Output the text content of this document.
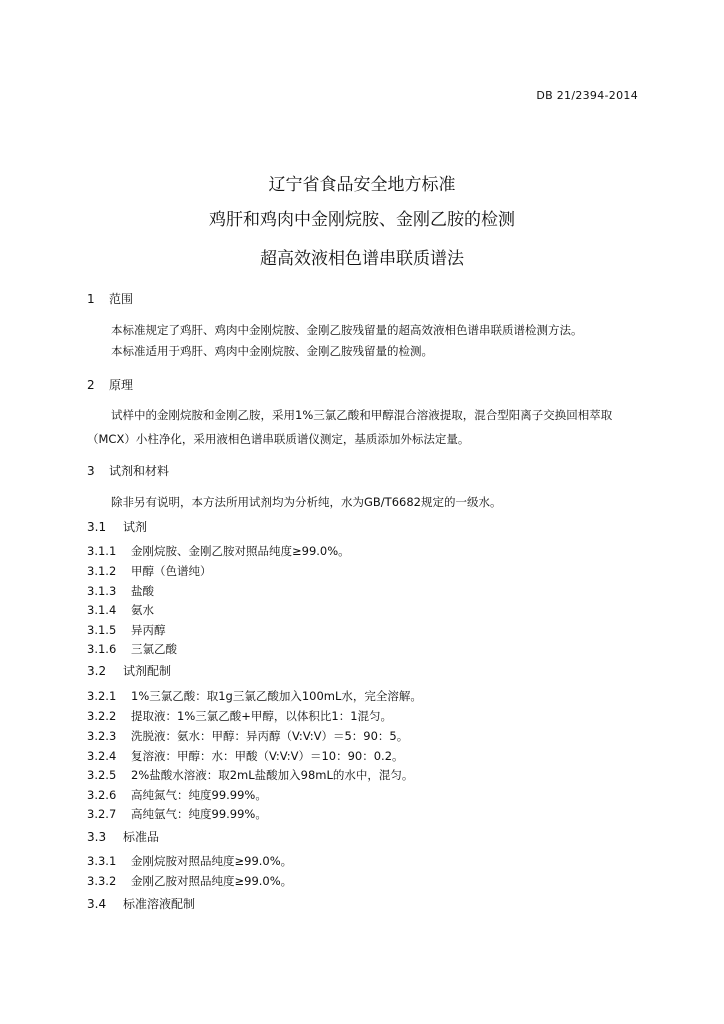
DB 21/2394-2014
辽宁省食品安全地方标准
鸡肝和鸡肉中金刚烷胺、金刚乙胺的检测
超高效液相色谱串联质谱法
1 范围

本标准规定了鸡肝、鸡肉中金刚烷胺、金刚乙胺残留量的超高效液相色谱串联质谱检测方法。

本标准适用于鸡肝、鸡肉中金刚烷胺、金刚乙胺残留量的检测。

2 原理

试样中的金刚烷胺和金刚乙胺，采用1%三氯乙酸和甲醇混合溶液提取，混合型阳离子交换回相萃取（MCX）小柱净化，采用液相色谱串联质谱仪测定，基质添加外标法定量。

3 试剂和材料

除非另有说明，本方法所用试剂均为分析纯，水为GB/T6682规定的一级水。

3.1 试剂
3.1.1 金刚烷胺、金刚乙胺对照品纯度≥99.0%。
3.1.2 甲醇（色谱纯）
3.1.3 盐酸
3.1.4 氨水
3.1.5 异丙醇
3.1.6 三氯乙酸
3.2 试剂配制
3.2.1 1%三氯乙酸：取1g三氯乙酸加入100mL水，完全溶解。
3.2.2 提取液：1%三氯乙酸+甲醇，以体积比1：1混匀。
3.2.3 洗脱液：氨水：甲醇：异丙醇（V:V:V）＝5：90：5。
3.2.4 复溶液：甲醇：水：甲酸（V:V:V）＝10：90：0.2。
3.2.5 2%盐酸水溶液：取2mL盐酸加入98mL的水中，混匀。
3.2.6 高纯氮气：纯度99.99%。
3.2.7 高纯氩气：纯度99.99%。
3.3 标准品
3.3.1 金刚烷胺对照品纯度≥99.0%。
3.3.2 金刚乙胺对照品纯度≥99.0%。
3.4 标准溶液配制
